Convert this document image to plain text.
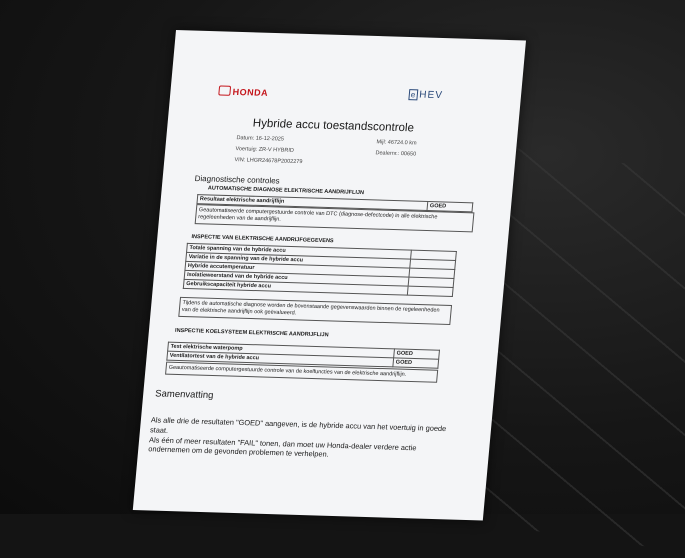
HONDA	e HEV
Hybride accu toestandscontrole
Datum: 16-12-2025
Voertuig: ZR-V HYBRID
VIN: LHGR24678P2002279
Mijl: 46724.0 km
Dealernr.: 00650
Diagnostische controles
AUTOMATISCHE DIAGNOSE ELEKTRISCHE AANDRIJFLIJN
Resultaat elektrische aandrijflijn	GOED
Geautomatiseerde computergestuurde controle van DTC (diagnose-defectcode) in alle elektrische regeleenheden van de aandrijflijn.
INSPECTIE VAN ELEKTRISCHE AANDRIJFGEGEVENS
Totale spanning van de hybride accu	
Variatie in de spanning van de hybride accu	
Hybride accutemperatuur	
Isolatieweerstand van de hybride accu	
Gebruikscapaciteit hybride accu	
Tijdens de automatische diagnose worden de bovenstaande gegevenswaarden binnen de regeleenheden van de elektrische aandrijflijn ook geëvalueerd.
INSPECTIE KOELSYSTEEM ELEKTRISCHE AANDRIJFLIJN
Test elektrische waterpomp	GOED
Ventilatortest van de hybride accu	GOED
Geautomatiseerde computergestuurde controle van de koelfuncties van de elektrische aandrijflijn.
Samenvatting
Als alle drie de resultaten "GOED" aangeven, is de hybride accu van het voertuig in goede staat.
Als één of meer resultaten "FAIL" tonen, dan moet uw Honda-dealer verdere actie ondernemen om de gevonden problemen te verhelpen.
